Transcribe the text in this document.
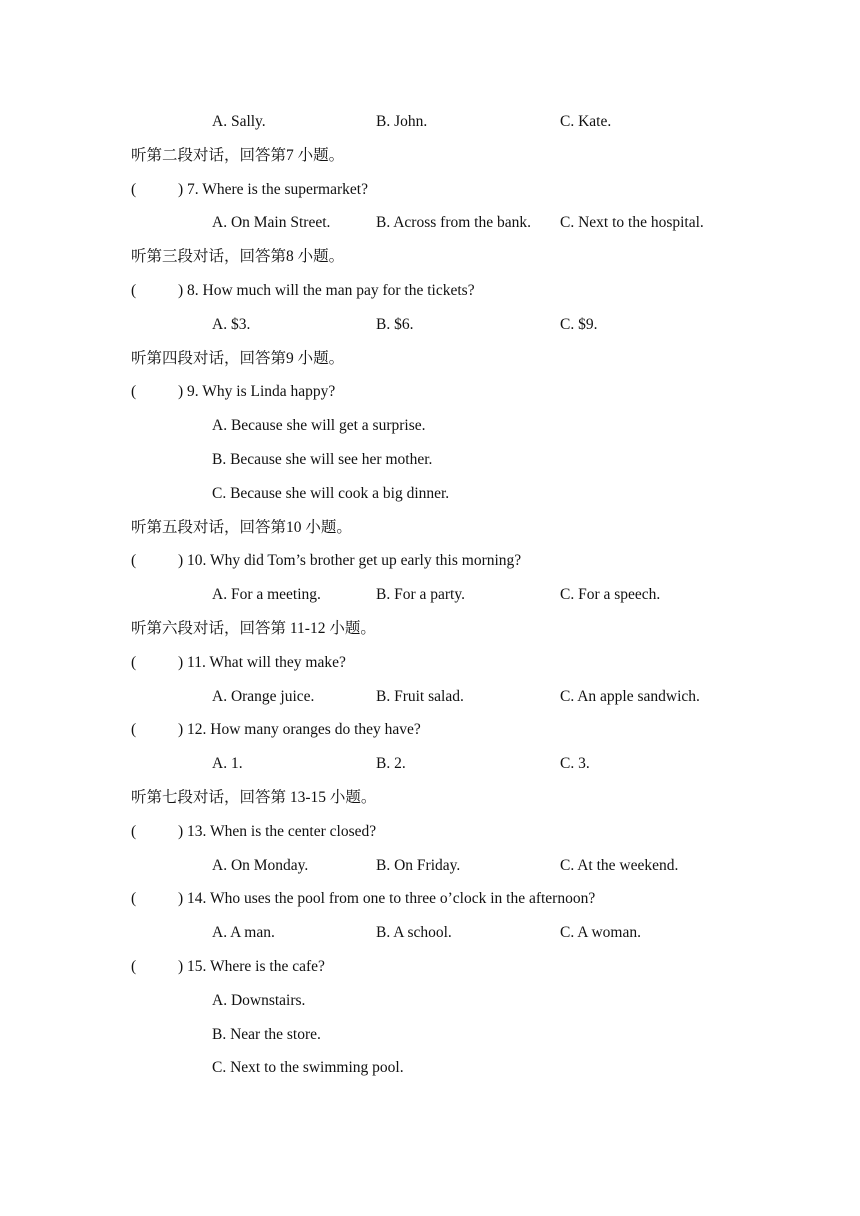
A. Sally.	B. John.	C. Kate.
听第二段对话，回答第7 小题。
(	) 7. Where is the supermarket?
A. On Main Street.	B. Across from the bank. C. Next to the hospital.
听第三段对话，回答第8 小题。
(	) 8. How much will the man pay for the tickets?
A. $3.	B. $6.	C. $9.
听第四段对话，回答第9 小题。
(	) 9. Why is Linda happy?
A. Because she will get a surprise.
B. Because she will see her mother.
C. Because she will cook a big dinner.
听第五段对话，回答第10 小题。
(	) 10. Why did Tom’s brother get up early this morning?
A. For a meeting.	B. For a party.	C. For a speech.
听第六段对话，回答第 11-12 小题。
(	) 11. What will they make?
A. Orange juice.	B. Fruit salad.	C. An apple sandwich.
(	) 12. How many oranges do they have?
A. 1.	B. 2.	C. 3.
听第七段对话，回答第 13-15 小题。
(	) 13. When is the center closed?
A. On Monday.	B. On Friday.	C. At the weekend.
(	) 14. Who uses the pool from one to three o’clock in the afternoon?
A. A man.	B. A school.	C. A woman.
(	) 15. Where is the cafe?
A. Downstairs.
B. Near the store.
C. Next to the swimming pool.
